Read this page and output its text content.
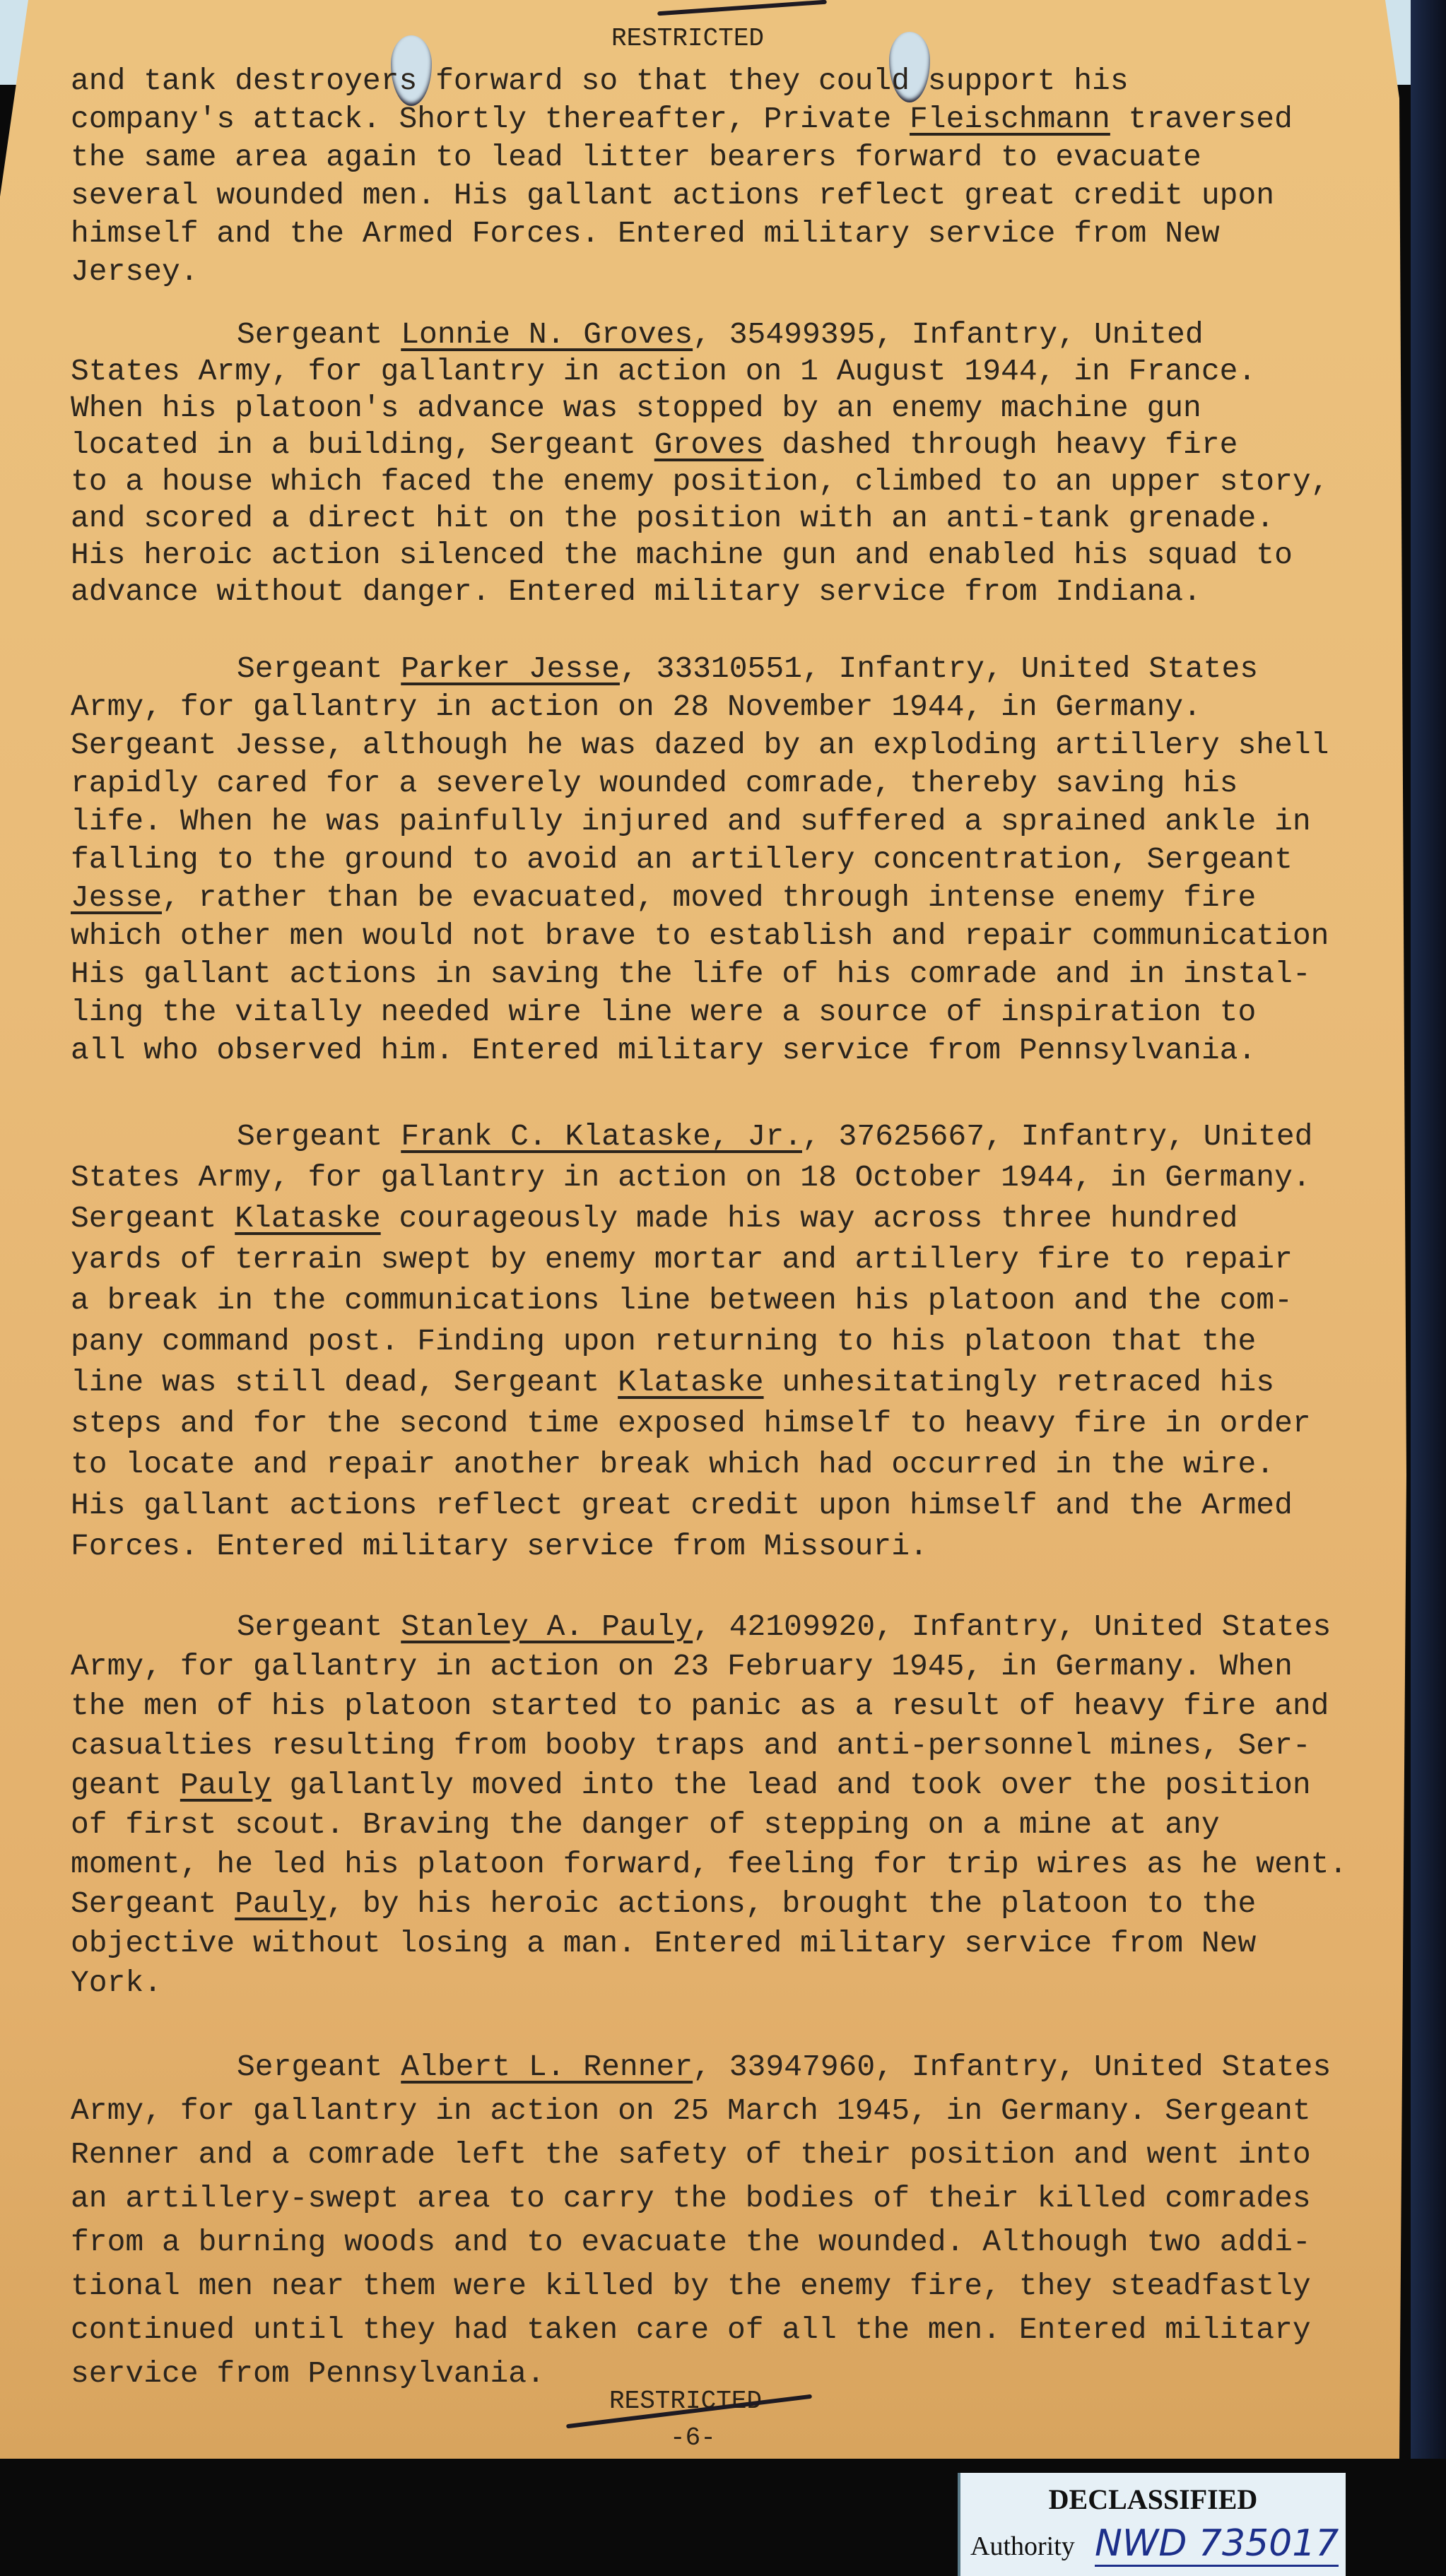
RESTRICTED
and tank destroyers forward so that they could support his
company's attack. Shortly thereafter, Private Fleischmann traversed
the same area again to lead litter bearers forward to evacuate
several wounded men. His gallant actions reflect great credit upon
himself and the Armed Forces. Entered military service from New
Jersey.
Sergeant Lonnie N. Groves, 35499395, Infantry, United
States Army, for gallantry in action on 1 August 1944, in France.
When his platoon's advance was stopped by an enemy machine gun
located in a building, Sergeant Groves dashed through heavy fire
to a house which faced the enemy position, climbed to an upper story,
and scored a direct hit on the position with an anti-tank grenade.
His heroic action silenced the machine gun and enabled his squad to
advance without danger. Entered military service from Indiana.
Sergeant Parker Jesse, 33310551, Infantry, United States
Army, for gallantry in action on 28 November 1944, in Germany.
Sergeant Jesse, although he was dazed by an exploding artillery shell
rapidly cared for a severely wounded comrade, thereby saving his
life. When he was painfully injured and suffered a sprained ankle in
falling to the ground to avoid an artillery concentration, Sergeant
Jesse, rather than be evacuated, moved through intense enemy fire
which other men would not brave to establish and repair communication
His gallant actions in saving the life of his comrade and in instal-
ling the vitally needed wire line were a source of inspiration to
all who observed him. Entered military service from Pennsylvania.
Sergeant Frank C. Klataske, Jr., 37625667, Infantry, United
States Army, for gallantry in action on 18 October 1944, in Germany.
Sergeant Klataske courageously made his way across three hundred
yards of terrain swept by enemy mortar and artillery fire to repair
a break in the communications line between his platoon and the com-
pany command post. Finding upon returning to his platoon that the
line was still dead, Sergeant Klataske unhesitatingly retraced his
steps and for the second time exposed himself to heavy fire in order
to locate and repair another break which had occurred in the wire.
His gallant actions reflect great credit upon himself and the Armed
Forces. Entered military service from Missouri.
Sergeant Stanley A. Pauly, 42109920, Infantry, United States
Army, for gallantry in action on 23 February 1945, in Germany. When
the men of his platoon started to panic as a result of heavy fire and
casualties resulting from booby traps and anti-personnel mines, Ser-
geant Pauly gallantly moved into the lead and took over the position
of first scout. Braving the danger of stepping on a mine at any
moment, he led his platoon forward, feeling for trip wires as he went.
Sergeant Pauly, by his heroic actions, brought the platoon to the
objective without losing a man. Entered military service from New
York.
Sergeant Albert L. Renner, 33947960, Infantry, United States
Army, for gallantry in action on 25 March 1945, in Germany. Sergeant
Renner and a comrade left the safety of their position and went into
an artillery-swept area to carry the bodies of their killed comrades
from a burning woods and to evacuate the wounded. Although two addi-
tional men near them were killed by the enemy fire, they steadfastly
continued until they had taken care of all the men. Entered military
service from Pennsylvania.
RESTRICTED
-6-
DECLASSIFIED
Authority NWD 735017
